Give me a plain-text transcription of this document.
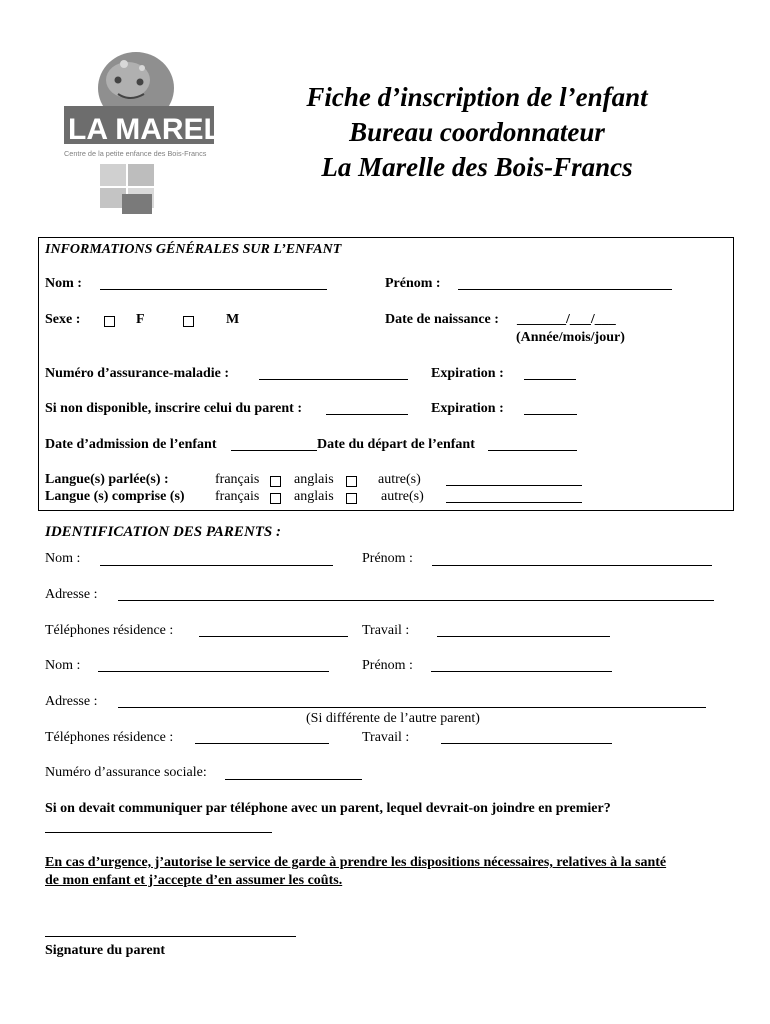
LA MARELLE
Centre de la petite enfance des Bois-Francs
Fiche d’inscription de l’enfant
Bureau coordonnateur
La Marelle des Bois-Francs
INFORMATIONS GÉNÉRALES SUR L’ENFANT
Nom :	Prénom :
Sexe :	F	M	Date de naissance : _______/___/___
(Année/mois/jour)
Numéro d’assurance-maladie :	Expiration :
Si non disponible, inscrire celui du parent :	Expiration :
Date d’admission de l’enfant	Date du départ de l’enfant
Langue(s) parlée(s) :	français anglais	autre(s)
Langue (s) comprise (s) français anglais	autre(s)
IDENTIFICATION DES PARENTS :
Nom :	Prénom :
Adresse :
Téléphones résidence :	Travail :
Nom :	Prénom :
Adresse :
(Si différente de l’autre parent)
Téléphones résidence :	Travail :
Numéro d’assurance sociale:
Si on devait communiquer par téléphone avec un parent, lequel devrait-on joindre en premier?
En cas d’urgence, j’autorise le service de garde à prendre les dispositions nécessaires, relatives à la santé
de mon enfant et j’accepte d’en assumer les coûts.
Signature du parent
